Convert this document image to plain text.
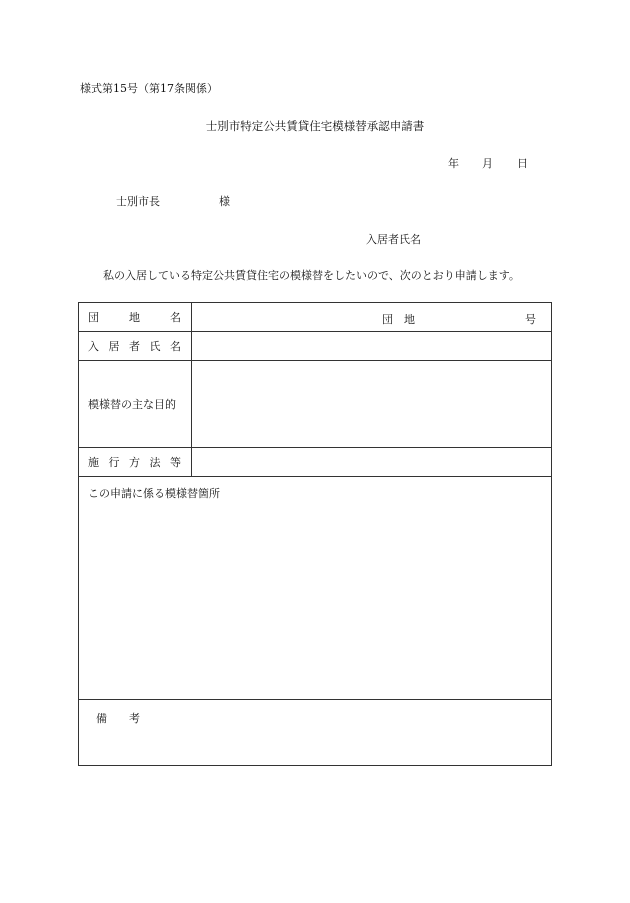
様式第15号（第17条関係）
士別市特定公共賃貸住宅模様替承認申請書
年 月 日
士別市長	様
入居者氏名
私の入居している特定公共賃貸住宅の模様替をしたいので、次のとおり申請します。
団	地	名	団　地	号
入 居 者 氏 名
模様替の主な目的
施 行 方 法 等
この申請に係る模様替箇所
備　　考
